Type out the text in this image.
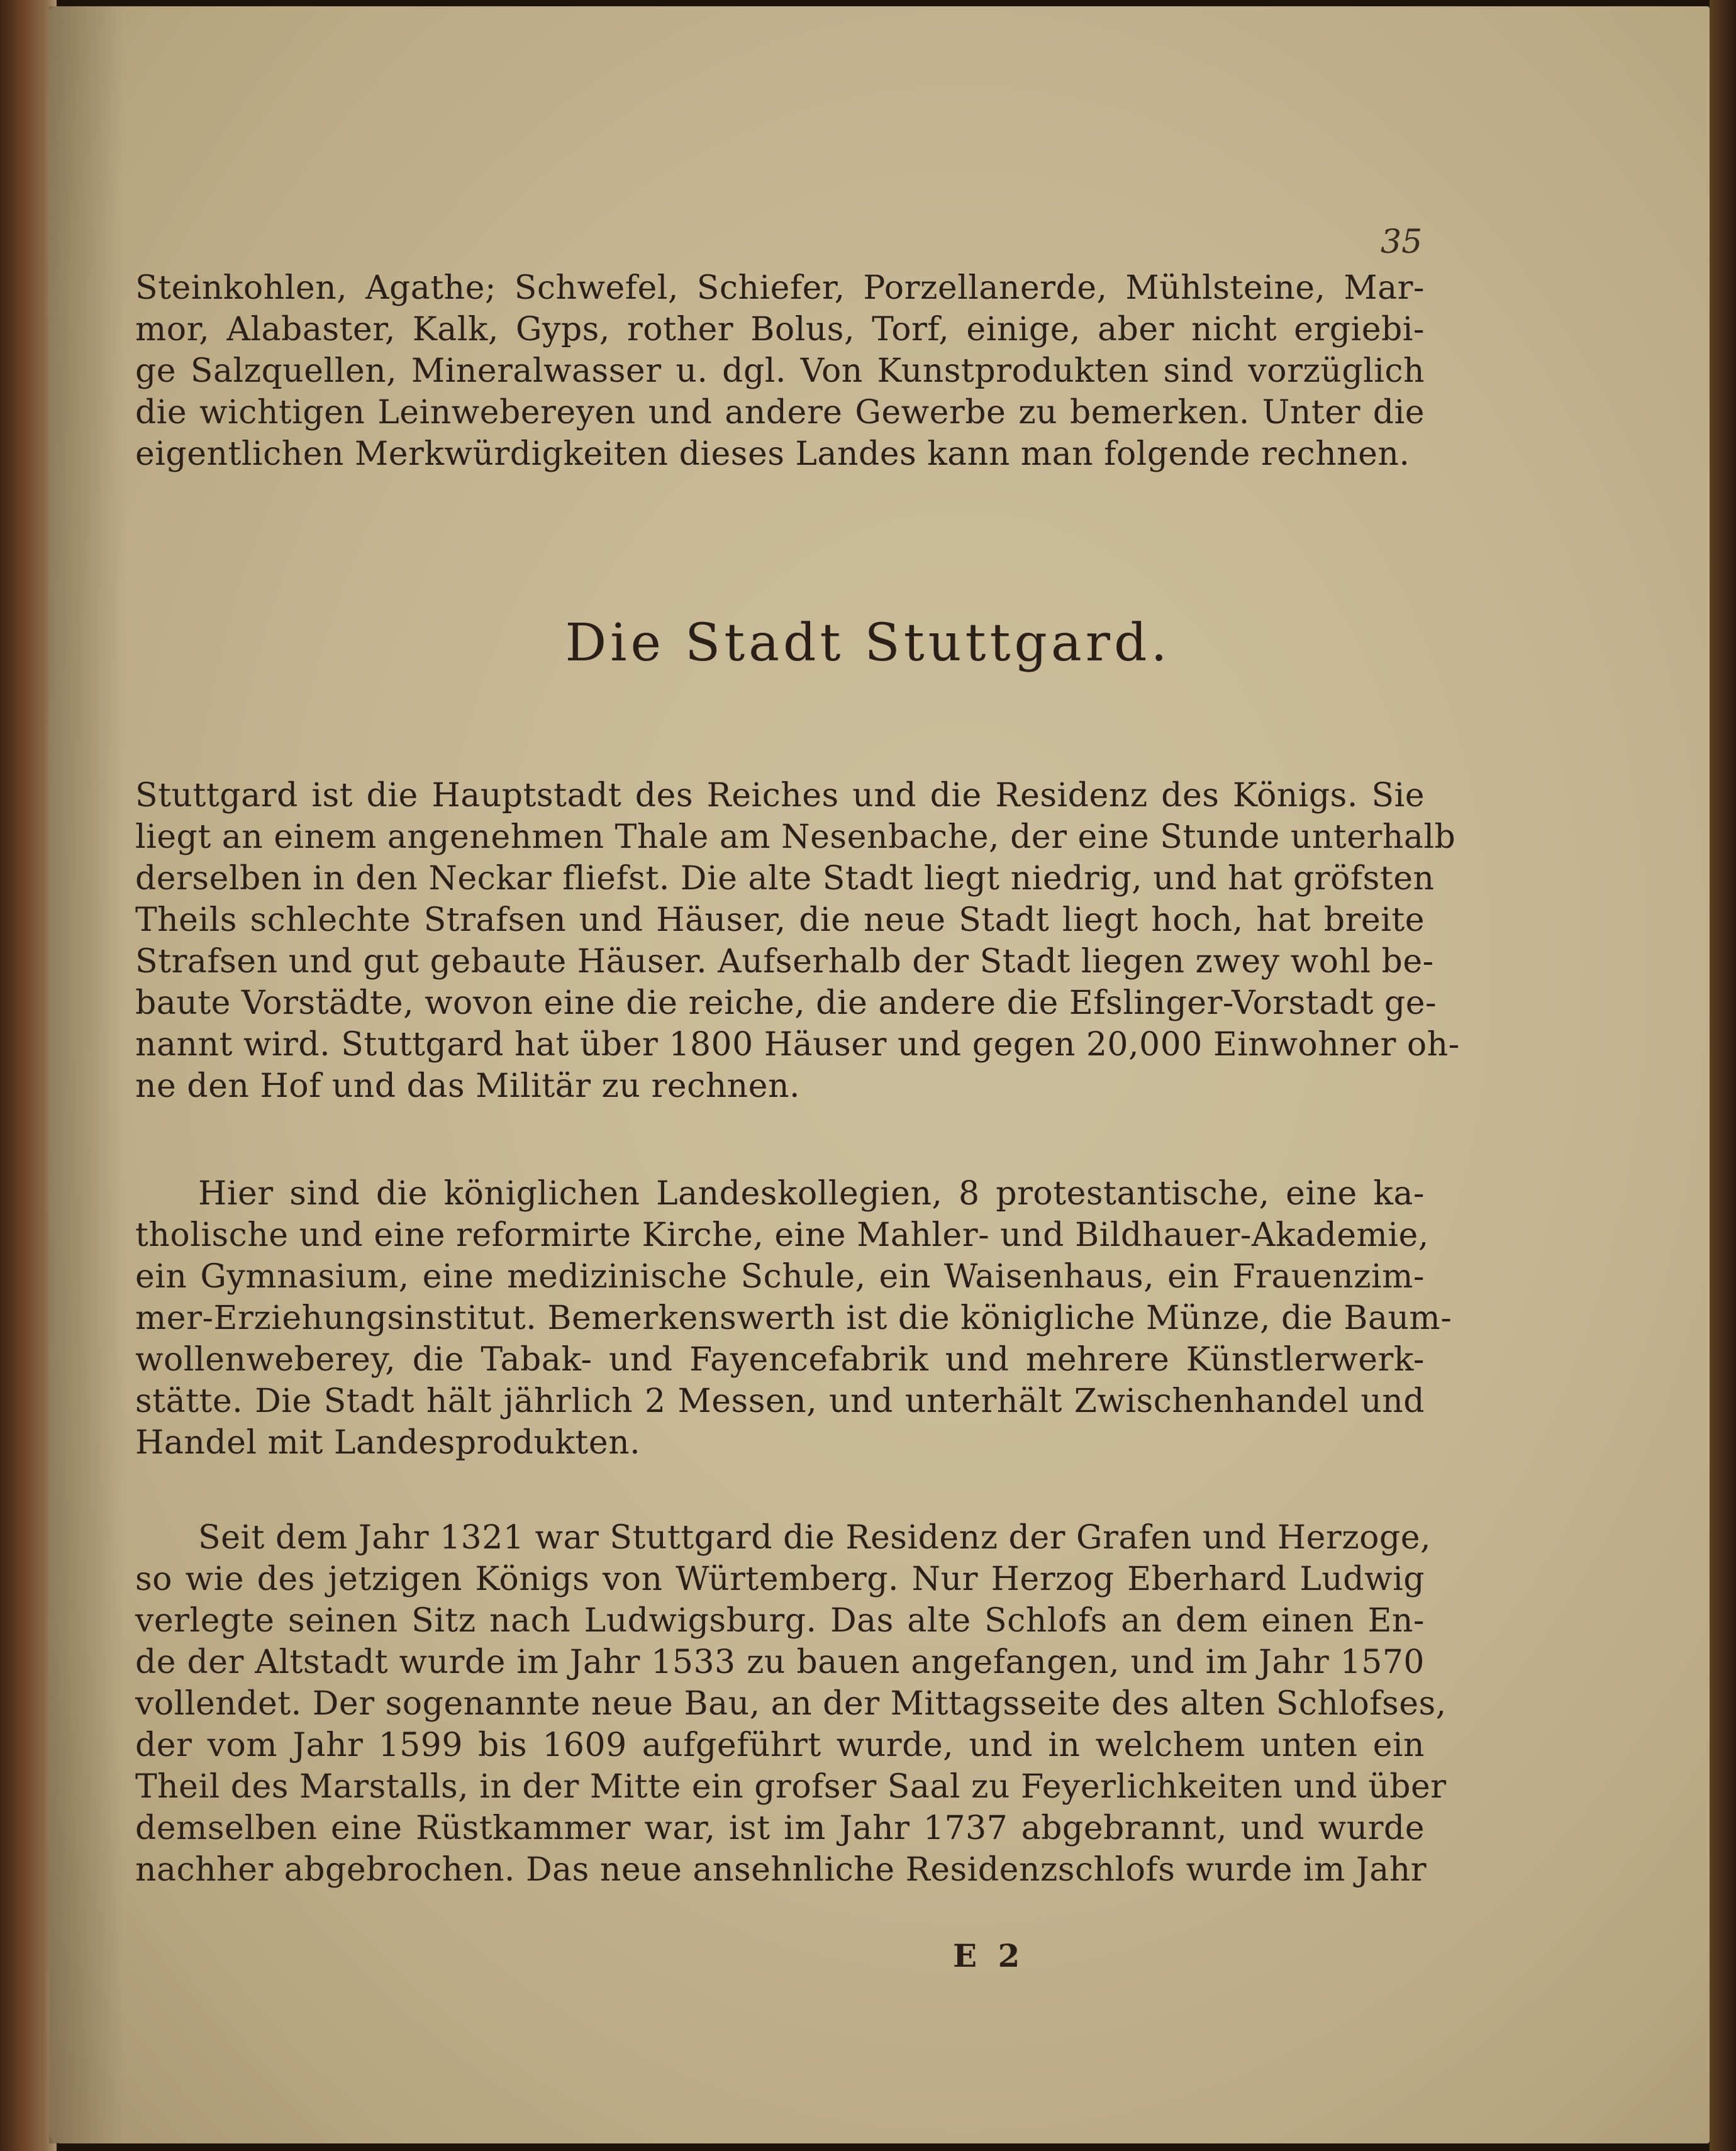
35
Steinkohlen, Agathe; Schwefel, Schiefer, Porzellanerde, Mühlsteine, Mar-
mor, Alabaster, Kalk, Gyps, rother Bolus, Torf, einige, aber nicht ergiebi-
ge Salzquellen, Mineralwasser u. dgl. Von Kunstprodukten sind vorzüglich
die wichtigen Leinwebereyen und andere Gewerbe zu bemerken. Unter die
eigentlichen Merkwürdigkeiten dieses Landes kann man folgende rechnen.
Die Stadt Stuttgard.
Stuttgard ist die Hauptstadt des Reiches und die Residenz des Königs. Sie
liegt an einem angenehmen Thale am Nesenbache, der eine Stunde unterhalb
derselben in den Neckar fliefst. Die alte Stadt liegt niedrig, und hat gröfsten
Theils schlechte Strafsen und Häuser, die neue Stadt liegt hoch, hat breite
Strafsen und gut gebaute Häuser. Aufserhalb der Stadt liegen zwey wohl be-
baute Vorstädte, wovon eine die reiche, die andere die Efslinger-Vorstadt ge-
nannt wird. Stuttgard hat über 1800 Häuser und gegen 20,000 Einwohner oh-
ne den Hof und das Militär zu rechnen.
Hier sind die königlichen Landeskollegien, 8 protestantische, eine ka-
tholische und eine reformirte Kirche, eine Mahler- und Bildhauer-Akademie,
ein Gymnasium, eine medizinische Schule, ein Waisenhaus, ein Frauenzim-
mer-Erziehungsinstitut. Bemerkenswerth ist die königliche Münze, die Baum-
wollenweberey, die Tabak- und Fayencefabrik und mehrere Künstlerwerk-
stätte. Die Stadt hält jährlich 2 Messen, und unterhält Zwischenhandel und
Handel mit Landesprodukten.
Seit dem Jahr 1321 war Stuttgard die Residenz der Grafen und Herzoge,
so wie des jetzigen Königs von Würtemberg. Nur Herzog Eberhard Ludwig
verlegte seinen Sitz nach Ludwigsburg. Das alte Schlofs an dem einen En-
de der Altstadt wurde im Jahr 1533 zu bauen angefangen, und im Jahr 1570
vollendet. Der sogenannte neue Bau, an der Mittagsseite des alten Schlofses,
der vom Jahr 1599 bis 1609 aufgeführt wurde, und in welchem unten ein
Theil des Marstalls, in der Mitte ein grofser Saal zu Feyerlichkeiten und über
demselben eine Rüstkammer war, ist im Jahr 1737 abgebrannt, und wurde
nachher abgebrochen. Das neue ansehnliche Residenzschlofs wurde im Jahr
E 2
